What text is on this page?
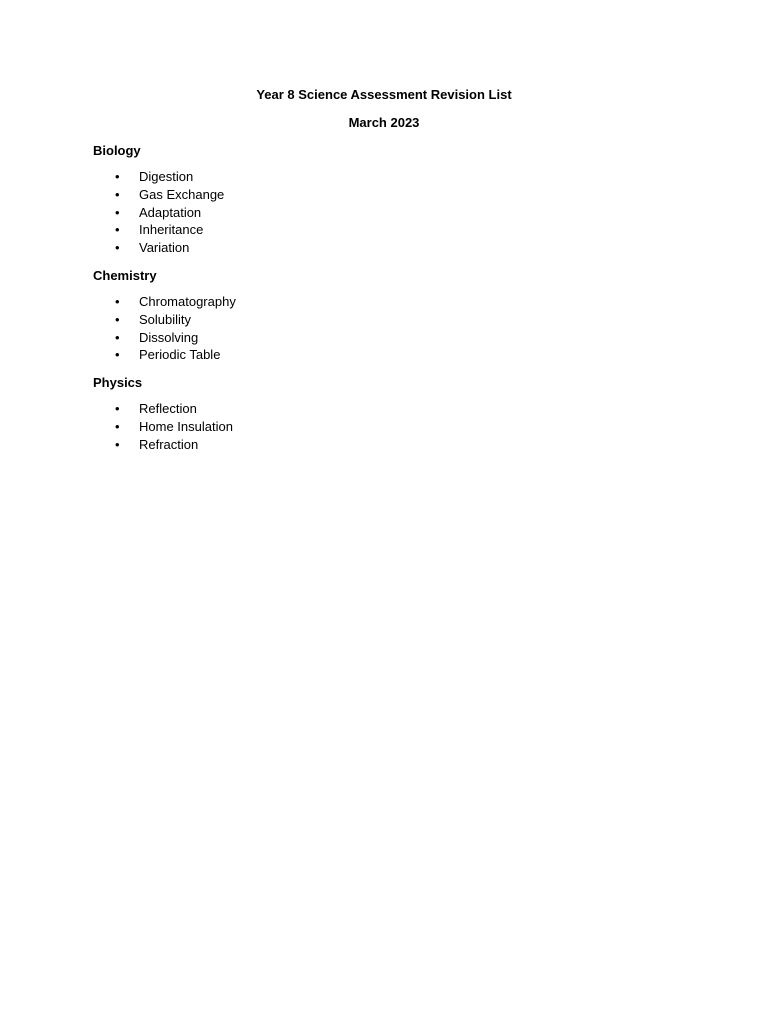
Year 8 Science Assessment Revision List

March 2023

Biology

• Digestion
• Gas Exchange
• Adaptation
• Inheritance
• Variation

Chemistry

• Chromatography
• Solubility
• Dissolving
• Periodic Table

Physics

• Reflection
• Home Insulation
• Refraction
